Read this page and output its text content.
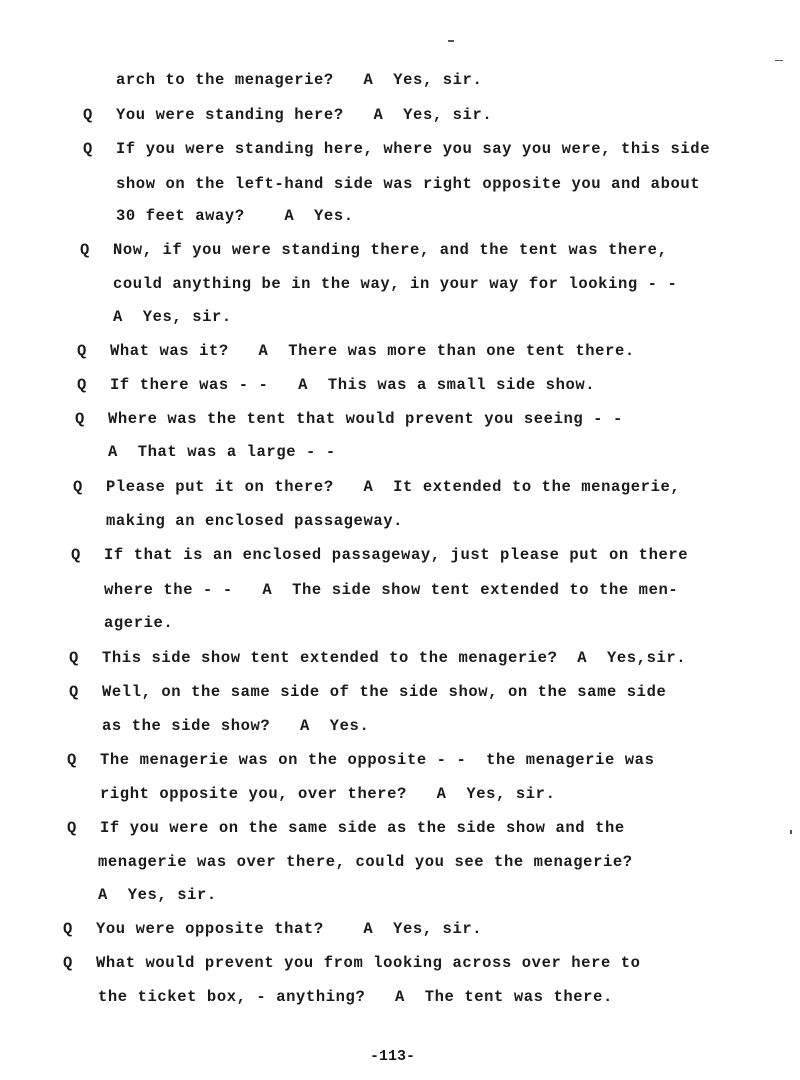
arch to the menagerie?   A  Yes, sir.
Q You were standing here?   A  Yes, sir.
Q If you were standing here, where you say you were, this side
show on the left-hand side was right opposite you and about
30 feet away?    A  Yes.
Q Now, if you were standing there, and the tent was there,
could anything be in the way, in your way for looking - -
A  Yes, sir.
Q What was it?   A  There was more than one tent there.
Q If there was - -   A  This was a small side show.
Q Where was the tent that would prevent you seeing - -
A  That was a large - -
Q Please put it on there?   A  It extended to the menagerie,
making an enclosed passageway.
Q If that is an enclosed passageway, just please put on there
where the - -   A  The side show tent extended to the men-
agerie.
Q This side show tent extended to the menagerie?  A  Yes,sir.
Q Well, on the same side of the side show, on the same side
as the side show?   A  Yes.
Q The menagerie was on the opposite - -  the menagerie was
right opposite you, over there?   A  Yes, sir.
Q If you were on the same side as the side show and the
menagerie was over there, could you see the menagerie?
A  Yes, sir.
Q You were opposite that?    A  Yes, sir.
Q What would prevent you from looking across over here to
the ticket box, - anything?   A  The tent was there.
-113-
